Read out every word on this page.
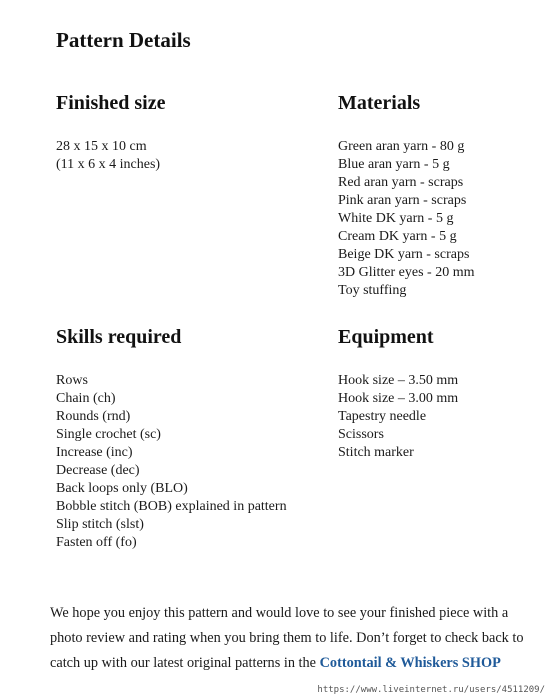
Pattern Details
Finished size
28 x 15 x 10 cm
(11 x 6 x 4 inches)
Materials
Green aran yarn - 80 g
Blue aran yarn - 5 g
Red aran yarn - scraps
Pink aran yarn - scraps
White DK yarn - 5 g
Cream DK yarn - 5 g
Beige DK yarn - scraps
3D Glitter eyes - 20 mm
Toy stuffing
Skills required
Rows
Chain (ch)
Rounds (rnd)
Single crochet (sc)
Increase (inc)
Decrease (dec)
Back loops only (BLO)
Bobble stitch (BOB) explained in pattern
Slip stitch (slst)
Fasten off (fo)
Equipment
Hook size – 3.50 mm
Hook size – 3.00 mm
Tapestry needle
Scissors
Stitch marker

We hope you enjoy this pattern and would love to see your finished piece with a photo review and rating when you bring them to life. Don’t forget to check back to catch up with our latest original patterns in the Cottontail & Whiskers SHOP

https://www.liveinternet.ru/users/4511209/
